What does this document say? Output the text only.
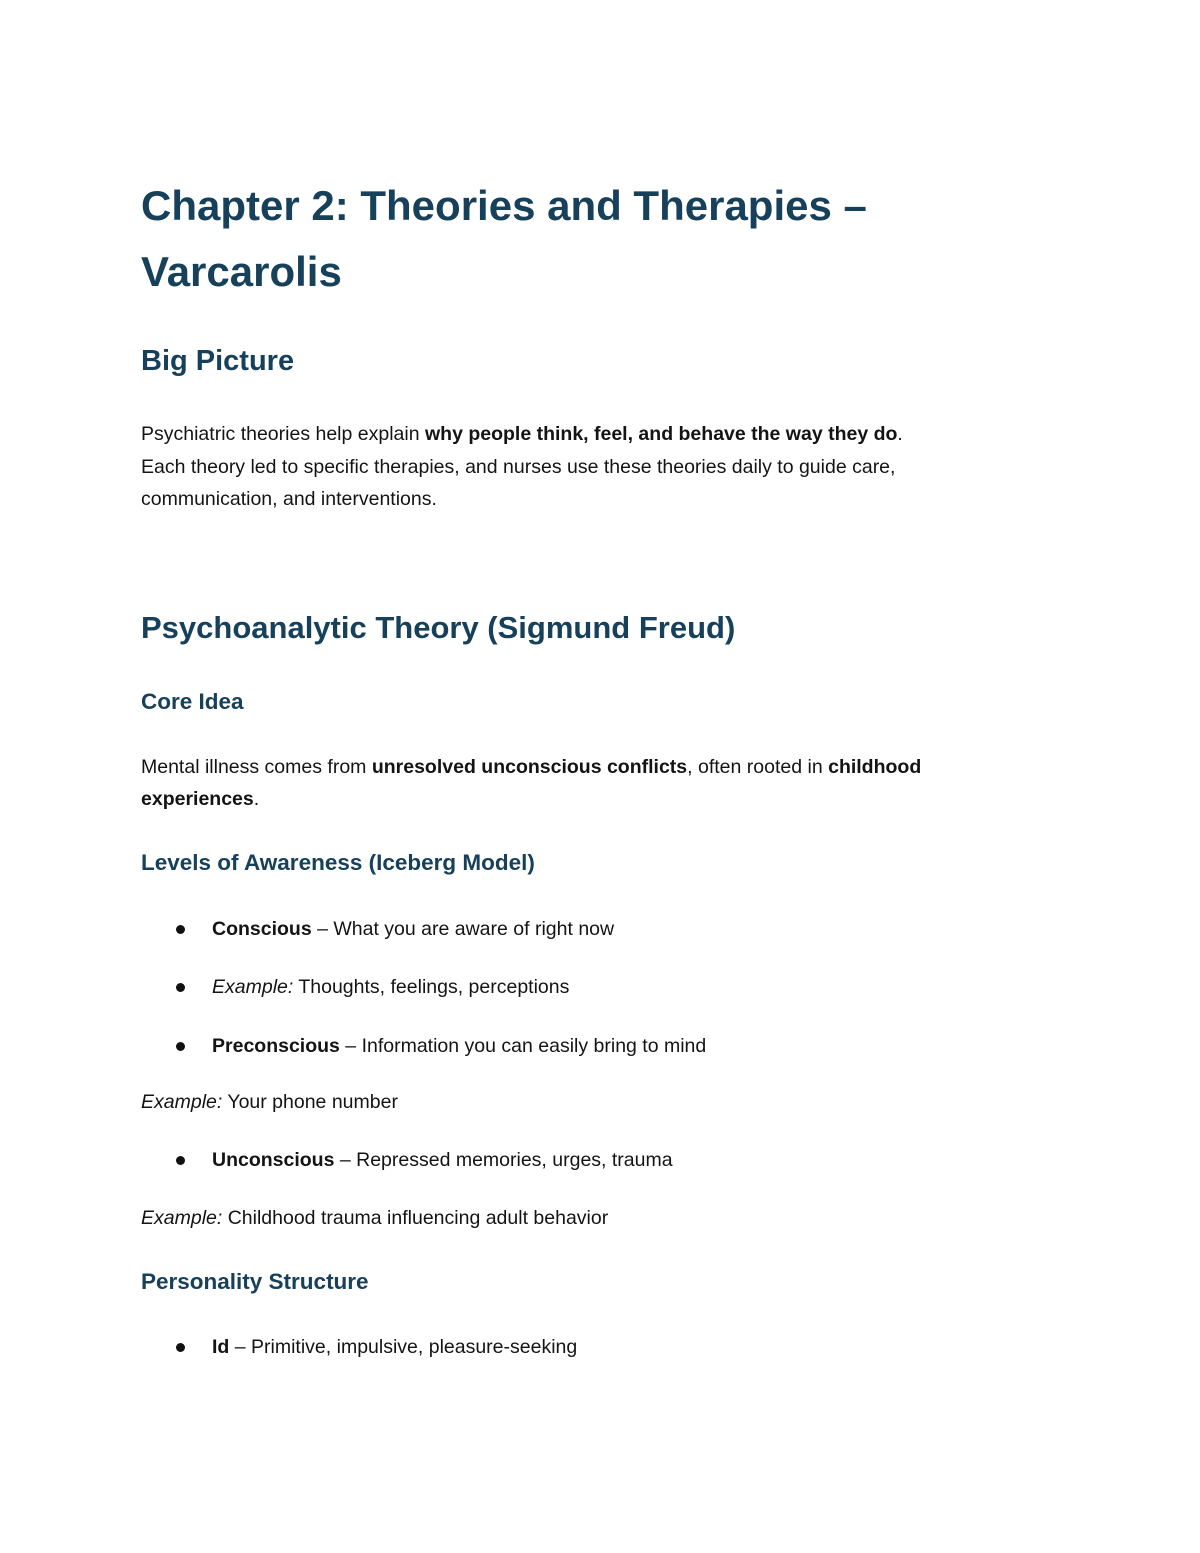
Chapter 2: Theories and Therapies –
Varcarolis
Big Picture

Psychiatric theories help explain why people think, feel, and behave the way they do.

Each theory led to specific therapies, and nurses use these theories daily to guide care,

communication, and interventions.

Psychoanalytic Theory (Sigmund Freud)
Core Idea

Mental illness comes from unresolved unconscious conflicts, often rooted in childhood

experiences.

Levels of Awareness (Iceberg Model)

Conscious – What you are aware of right now

Example: Thoughts, feelings, perceptions

Preconscious – Information you can easily bring to mind

Example: Your phone number

Unconscious – Repressed memories, urges, trauma

Example: Childhood trauma influencing adult behavior

Personality Structure

Id – Primitive, impulsive, pleasure-seeking
